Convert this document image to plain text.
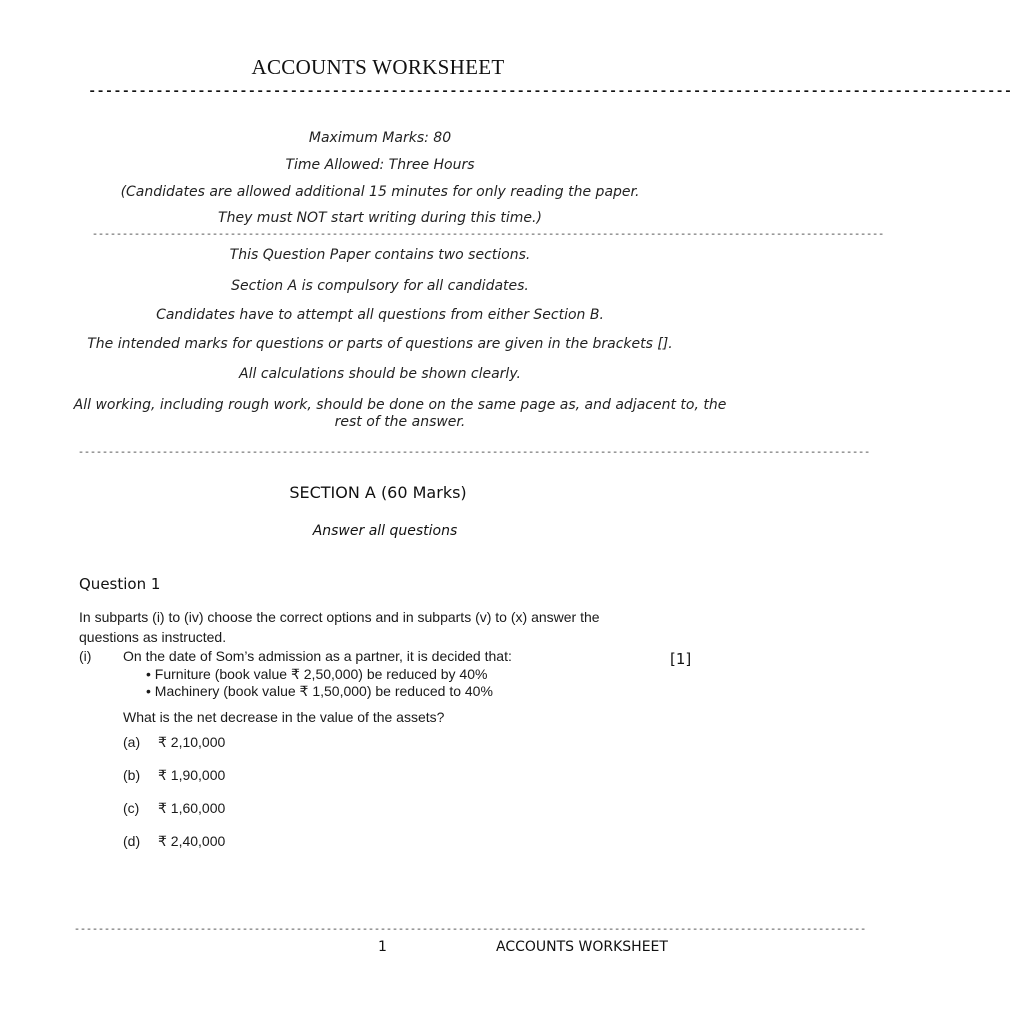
ACCOUNTS WORKSHEET
--------------------------------------------------------------------------------------------------------------
Maximum Marks: 80
Time Allowed: Three Hours
(Candidates are allowed additional 15 minutes for only reading the paper.
They must NOT start writing during this time.)
------------------------------------------------------------------------------------------------------------------------------------
This Question Paper contains two sections.
Section A is compulsory for all candidates.
Candidates have to attempt all questions from either Section B.
The intended marks for questions or parts of questions are given in the brackets [].
All calculations should be shown clearly.
All working, including rough work, should be done on the same page as, and adjacent to, the rest of the answer.
------------------------------------------------------------------------------------------------------------------------------------
SECTION A (60 Marks)
Answer all questions
Question 1
In subparts (i) to (iv) choose the correct options and in subparts (v) to (x) answer the questions as instructed.
(i) On the date of Som’s admission as a partner, it is decided that:	[1]
• Furniture (book value ₹ 2,50,000) be reduced by 40%
• Machinery (book value ₹ 1,50,000) be reduced to 40%
What is the net decrease in the value of the assets?
(a) ₹ 2,10,000
(b) ₹ 1,90,000
(c) ₹ 1,60,000
(d) ₹ 2,40,000
------------------------------------------------------------------------------------------------------------------------------------
1	ACCOUNTS WORKSHEET
